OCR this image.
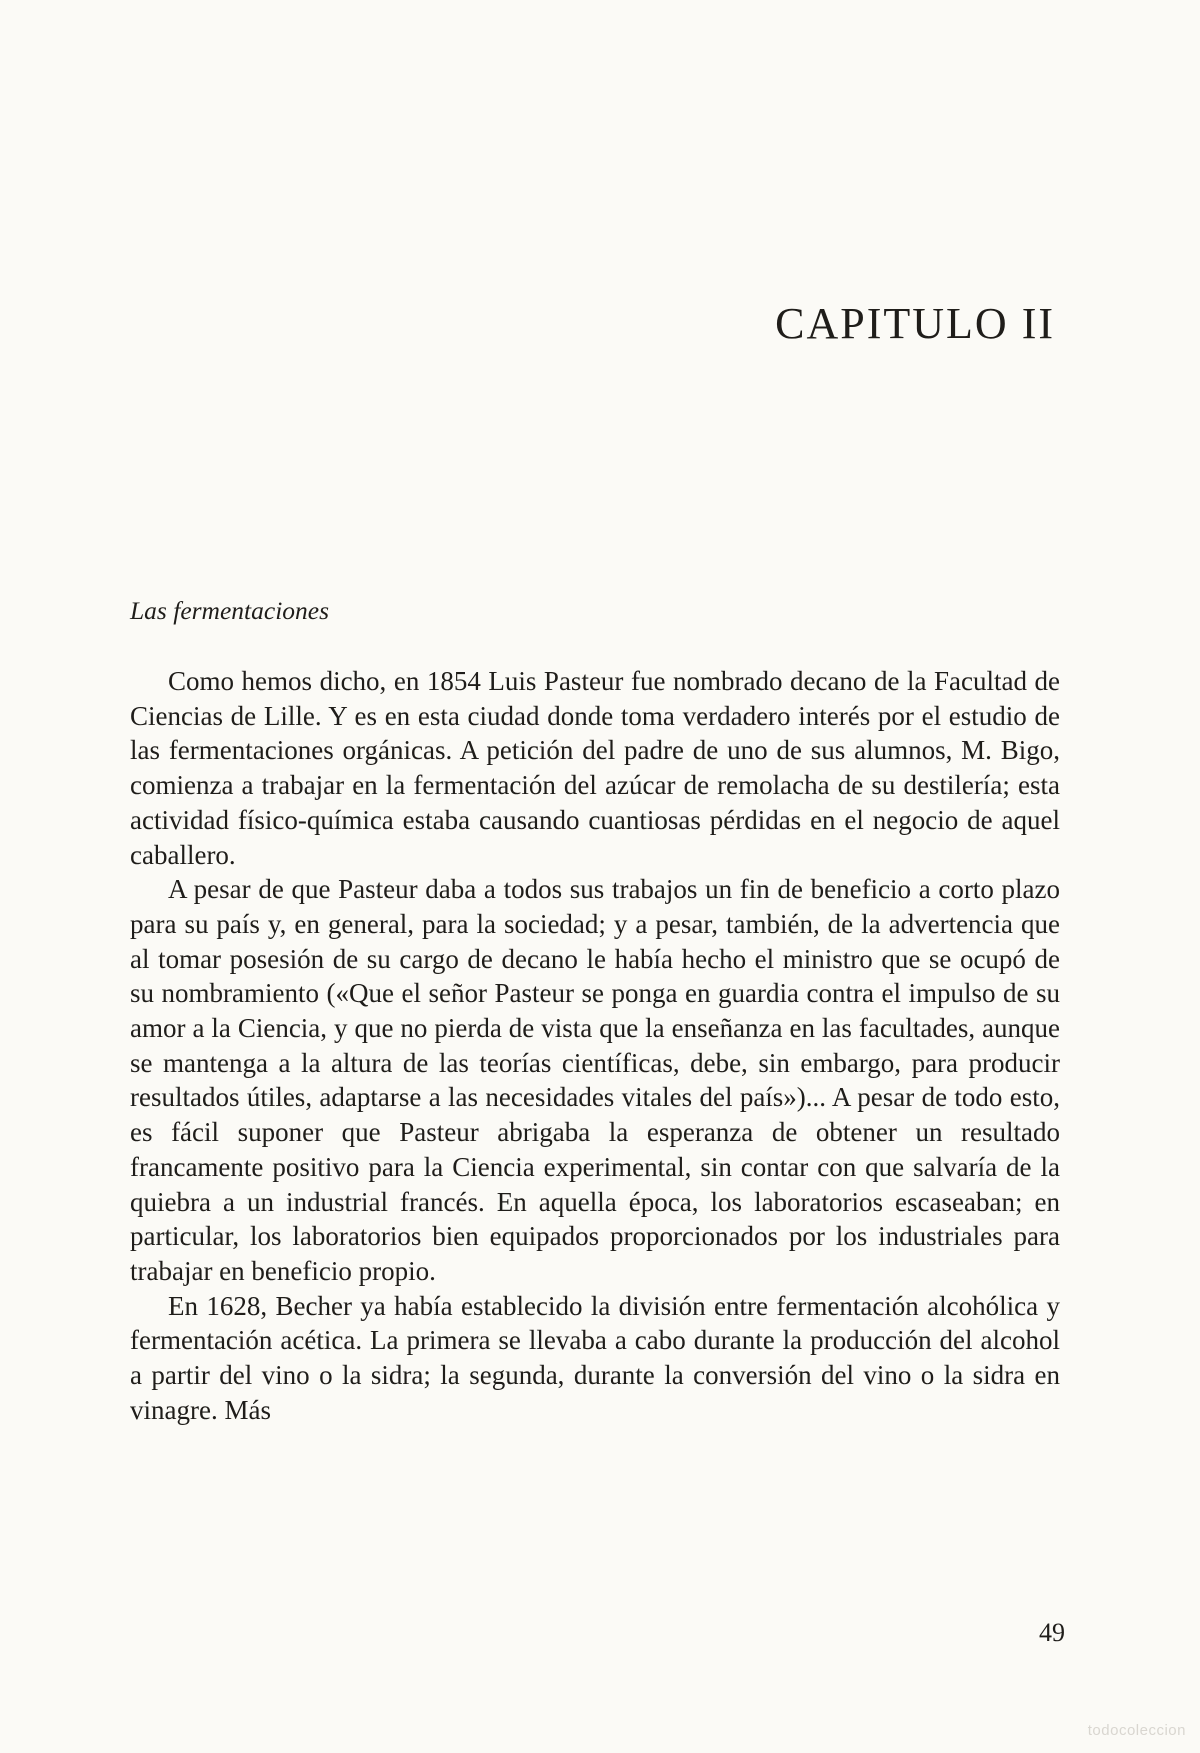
CAPITULO II
Las fermentaciones

Como hemos dicho, en 1854 Luis Pasteur fue nombrado decano de la Facultad de Ciencias de Lille. Y es en esta ciudad donde toma verdadero interés por el estudio de las fermentaciones orgánicas. A petición del padre de uno de sus alumnos, M. Bigo, comienza a trabajar en la fermentación del azúcar de remolacha de su destilería; esta actividad físico-química estaba causando cuantiosas pérdidas en el negocio de aquel caballero.

A pesar de que Pasteur daba a todos sus trabajos un fin de beneficio a corto plazo para su país y, en general, para la sociedad; y a pesar, también, de la advertencia que al tomar posesión de su cargo de decano le había hecho el ministro que se ocupó de su nombramiento («Que el señor Pasteur se ponga en guardia contra el impulso de su amor a la Ciencia, y que no pierda de vista que la enseñanza en las facultades, aunque se mantenga a la altura de las teorías científicas, debe, sin embargo, para producir resultados útiles, adaptarse a las necesidades vitales del país»)... A pesar de todo esto, es fácil suponer que Pasteur abrigaba la esperanza de obtener un resultado francamente positivo para la Ciencia experimental, sin contar con que salvaría de la quiebra a un industrial francés. En aquella época, los laboratorios escaseaban; en particular, los laboratorios bien equipados proporcionados por los industriales para trabajar en beneficio propio.

En 1628, Becher ya había establecido la división entre fermentación alcohólica y fermentación acética. La primera se llevaba a cabo durante la producción del alcohol a partir del vino o la sidra; la segunda, durante la conversión del vino o la sidra en vinagre. Más

49
todocoleccion
